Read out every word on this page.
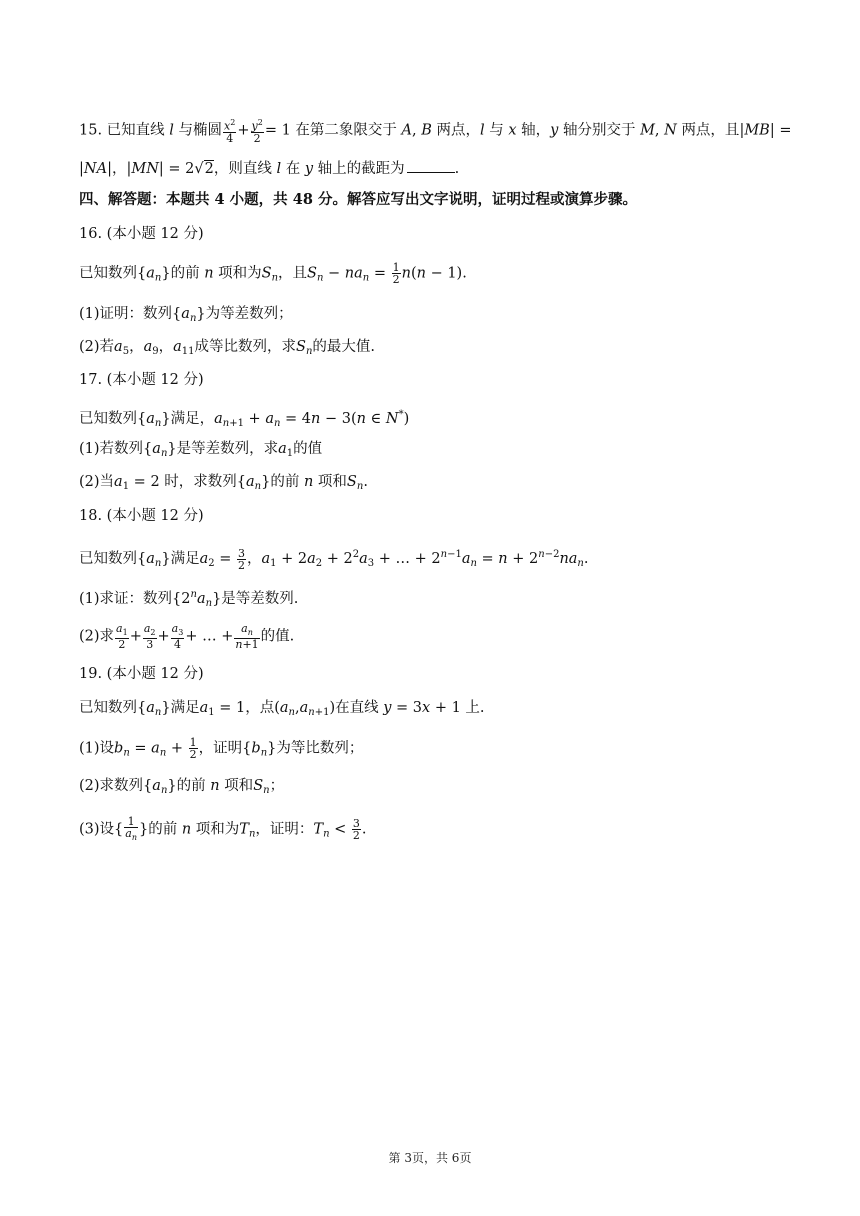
15. 已知直线 l 与椭圆 $\frac{x^2}{4} + \frac{y^2}{2} = 1$ 在第二象限交于 A, B 两点，l 与 x 轴，y 轴分别交于 M, N 两点，且|MB| =
|NA|，|MN| = 2√2，则直线 l 在 y 轴上的截距为	.
四、解答题：本题共 4 小题，共 48 分。解答应写出文字说明，证明过程或演算步骤。
16. (本小题 12 分)
已知数列$\{a_n\}$的前 n 项和为$S_n$，且$S_n - na_n = \frac{1}{2} n(n - 1)$.
(1)证明：数列$\{a_n\}$为等差数列；
(2)若$a_5$，$a_9$，$a_{11}$成等比数列，求$S_n$的最大值.
17. (本小题 12 分)
已知数列$\{a_n\}$满足，$a_{n+1} + a_n = 4n - 3(n$ ∈ N*)
(1)若数列$\{a_n\}$是等差数列，求$a_1$的值
(2)当$a_1 = 2$ 时，求数列$\{a_n\}$的前 n 项和$S_n$.
18. (本小题 12 分)
已知数列$\{a_n\}$满足$a_2 = \frac{3}{2}$ ，$a_1 + 2a_2 + 2^2a_3$ + … + $2^{n-1}a_n = n + 2^{n-2}na_n$.
(1)求证：数列$\{2^na_n\}$是等差数列.
(2)求 $\frac{a_1}{2} + \frac{a_2}{3} + \frac{a_3}{4}$ + … + $\frac{a_n}{n+1}$ 的值.
19. (本小题 12 分)
已知数列$\{a_n\}$满足$a_1 = 1$，点$(a_n,a_{n+1})$在直线 y = 3x + 1 上.
(1)设$b_n = a_n + \frac{1}{2}$ ，证明$\{b_n\}$为等比数列；
(2)求数列$\{a_n\}$的前 n 项和$S_n$；
(3)设{ $\frac{1}{a_n}$ }的前 n 项和为$T_n$，证明：$T_n < \frac{3}{2}$ .
第 3页，共 6页
